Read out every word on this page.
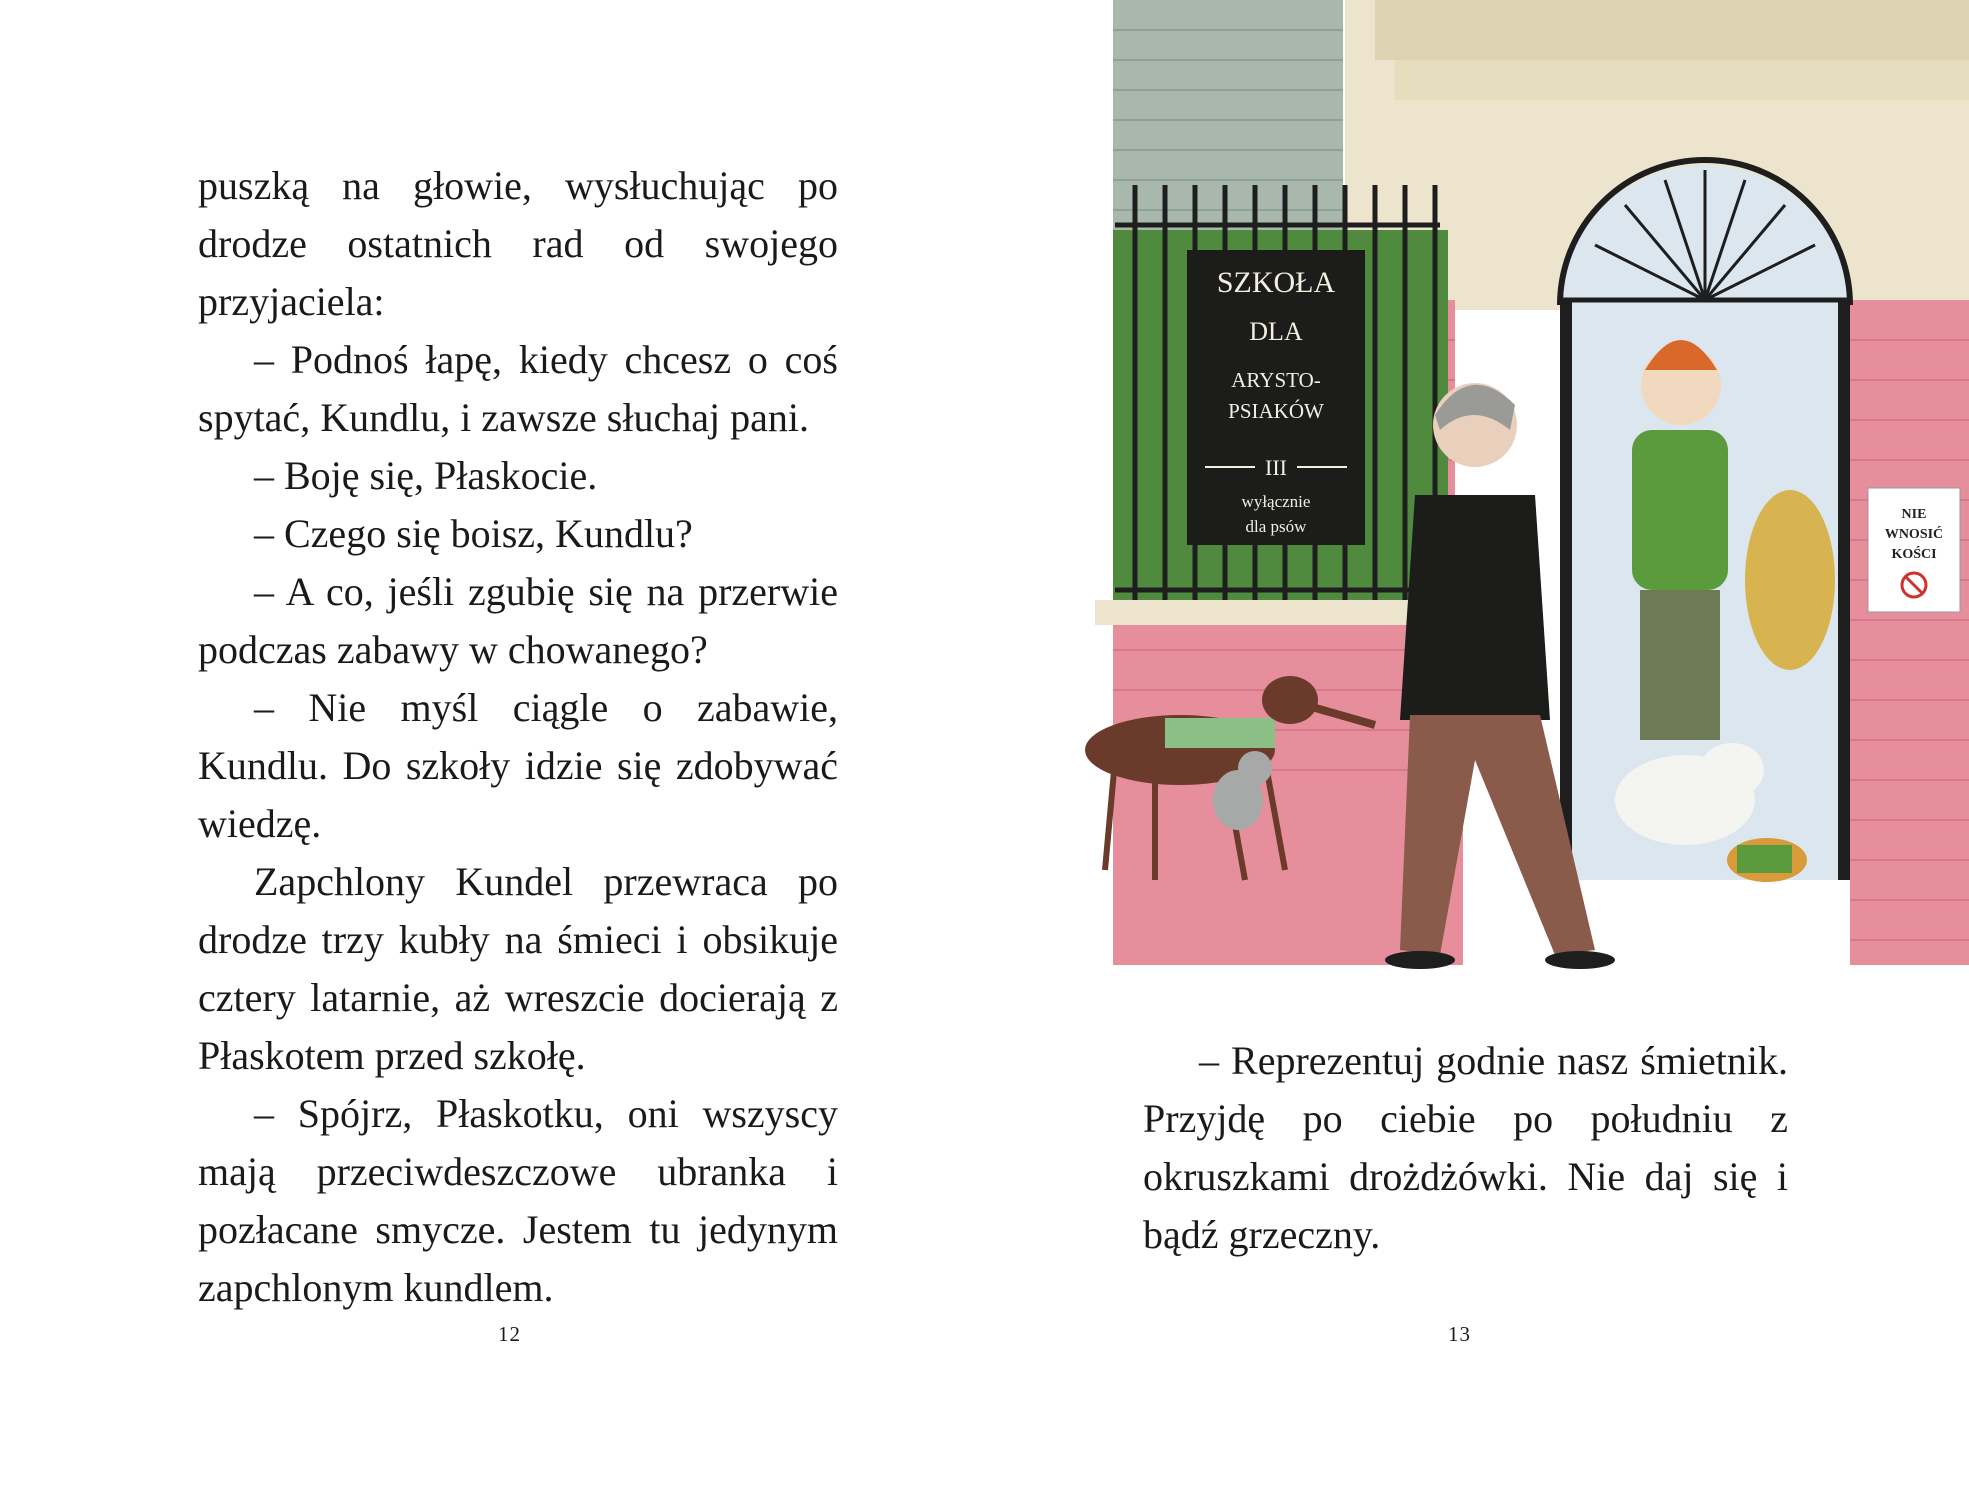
puszką na głowie, wysłuchując po drodze ostatnich rad od swojego przyjaciela:

– Podnoś łapę, kiedy chcesz o coś spytać, Kundlu, i zawsze słuchaj pani.

– Boję się, Płaskocie.

– Czego się boisz, Kundlu?

– A co, jeśli zgubię się na przerwie podczas zabawy w chowanego?

– Nie myśl ciągle o zabawie, Kundlu. Do szkoły idzie się zdobywać wiedzę.

Zapchlony Kundel przewraca po drodze trzy kubły na śmieci i obsikuje cztery latarnie, aż wreszcie docierają z Płaskotem przed szkołę.

– Spójrz, Płaskotku, oni wszyscy mają przeciwdeszczowe ubranka i pozłacane smycze. Jestem tu jedynym zapchlonym kundlem.

12	13

– Reprezentuj godnie nasz śmietnik. Przyjdę po ciebie po południu z okruszkami drożdżówki. Nie daj się i bądź grzeczny.

SZKOŁA
DLA
ARYSTO-
PSIAKÓW
III
wyłącznie
dla psów
NIE
WNOSIĆ
KOŚCI
